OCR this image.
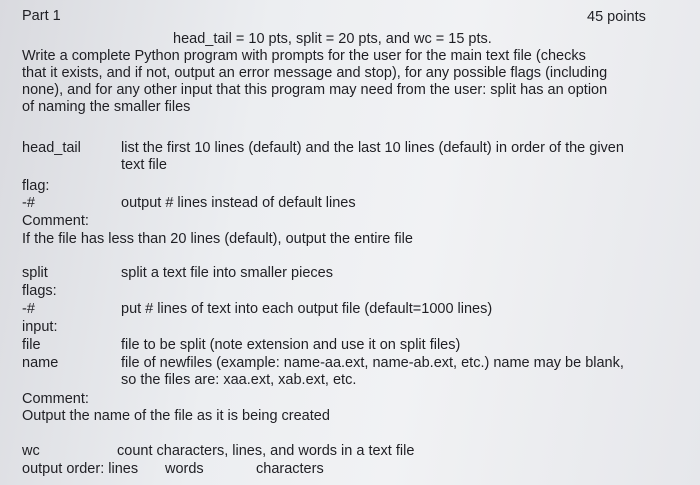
Part 1	45 points
head_tail = 10 pts, split = 20 pts, and wc = 15 pts.

Write a complete Python program with prompts for the user for the main text file (checks

that it exists, and if not, output an error message and stop), for any possible flags (including

none), and for any other input that this program may need from the user: split has an option

of naming the smaller files

head_tail	list the first 10 lines (default) and the last 10 lines (default) in order of the given
text file
flag:
-#	output # lines instead of default lines
Comment:
If the file has less than 20 lines (default), output the entire file
split	split a text file into smaller pieces
flags:
-#	put # lines of text into each output file (default=1000 lines)
input:
file	file to be split (note extension and use it on split files)
name	file of newfiles (example: name-aa.ext, name-ab.ext, etc.) name may be blank,
so the files are: xaa.ext, xab.ext, etc.
Comment:
Output the name of the file as it is being created
wc	count characters, lines, and words in a text file
output order: lines words	characters
